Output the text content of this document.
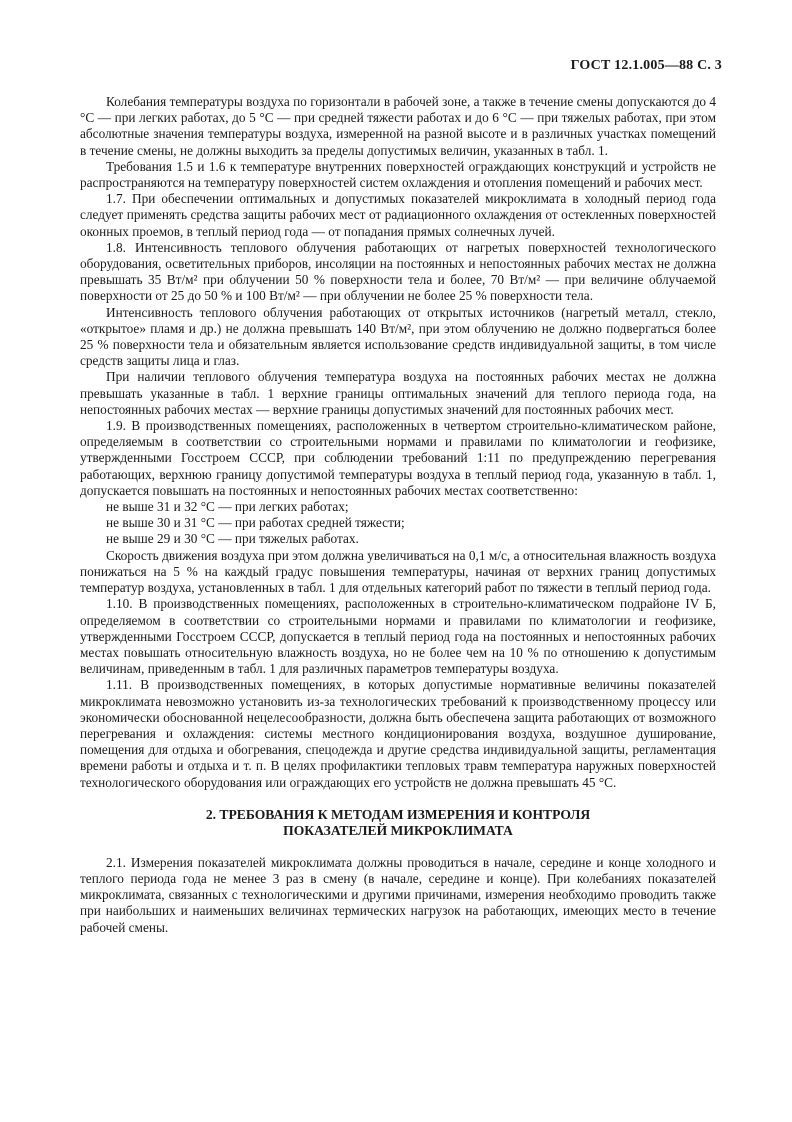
ГОСТ 12.1.005—88 С. 3

Колебания температуры воздуха по горизонтали в рабочей зоне, а также в течение смены допускаются до 4 °С — при легких работах, до 5 °С — при средней тяжести работах и до 6 °С — при тяжелых работах, при этом абсолютные значения температуры воздуха, измеренной на разной высоте и в различных участках помещений в течение смены, не должны выходить за пределы допустимых величин, указанных в табл. 1.

Требования 1.5 и 1.6 к температуре внутренних поверхностей ограждающих конструкций и устройств не распространяются на температуру поверхностей систем охлаждения и отопления помещений и рабочих мест.

1.7. При обеспечении оптимальных и допустимых показателей микроклимата в холодный период года следует применять средства защиты рабочих мест от радиационного охлаждения от остекленных поверхностей оконных проемов, в теплый период года — от попадания прямых солнечных лучей.

1.8. Интенсивность теплового облучения работающих от нагретых поверхностей технологического оборудования, осветительных приборов, инсоляции на постоянных и непостоянных рабочих местах не должна превышать 35 Вт/м² при облучении 50 % поверхности тела и более, 70 Вт/м² — при величине облучаемой поверхности от 25 до 50 % и 100 Вт/м² — при облучении не более 25 % поверхности тела.

Интенсивность теплового облучения работающих от открытых источников (нагретый металл, стекло, «открытое» пламя и др.) не должна превышать 140 Вт/м², при этом облучению не должно подвергаться более 25 % поверхности тела и обязательным является использование средств индивидуальной защиты, в том числе средств защиты лица и глаз.

При наличии теплового облучения температура воздуха на постоянных рабочих местах не должна превышать указанные в табл. 1 верхние границы оптимальных значений для теплого периода года, на непостоянных рабочих местах — верхние границы допустимых значений для постоянных рабочих мест.

1.9. В производственных помещениях, расположенных в четвертом строительно-климатическом районе, определяемым в соответствии со строительными нормами и правилами по климатологии и геофизике, утвержденными Госстроем СССР, при соблюдении требований 1:11 по предупреждению перегревания работающих, верхнюю границу допустимой температуры воздуха в теплый период года, указанную в табл. 1, допускается повышать на постоянных и непостоянных рабочих местах соответственно:

не выше 31 и 32 °С — при легких работах;

не выше 30 и 31 °С — при работах средней тяжести;

не выше 29 и 30 °С — при тяжелых работах.

Скорость движения воздуха при этом должна увеличиваться на 0,1 м/с, а относительная влажность воздуха понижаться на 5 % на каждый градус повышения температуры, начиная от верхних границ допустимых температур воздуха, установленных в табл. 1 для отдельных категорий работ по тяжести в теплый период года.

1.10. В производственных помещениях, расположенных в строительно-климатическом подрайоне IV Б, определяемом в соответствии со строительными нормами и правилами по климатологии и геофизике, утвержденными Госстроем СССР, допускается в теплый период года на постоянных и непостоянных рабочих местах повышать относительную влажность воздуха, но не более чем на 10 % по отношению к допустимым величинам, приведенным в табл. 1 для различных параметров температуры воздуха.

1.11. В производственных помещениях, в которых допустимые нормативные величины показателей микроклимата невозможно установить из-за технологических требований к производственному процессу или экономически обоснованной нецелесообразности, должна быть обеспечена защита работающих от возможного перегревания и охлаждения: системы местного кондиционирования воздуха, воздушное душирование, помещения для отдыха и обогревания, спецодежда и другие средства индивидуальной защиты, регламентация времени работы и отдыха и т. п. В целях профилактики тепловых травм температура наружных поверхностей технологического оборудования или ограждающих его устройств не должна превышать 45 °С.

2. ТРЕБОВАНИЯ К МЕТОДАМ ИЗМЕРЕНИЯ И КОНТРОЛЯ
ПОКАЗАТЕЛЕЙ МИКРОКЛИМАТА

2.1. Измерения показателей микроклимата должны проводиться в начале, середине и конце холодного и теплого периода года не менее 3 раз в смену (в начале, середине и конце). При колебаниях показателей микроклимата, связанных с технологическими и другими причинами, измерения необходимо проводить также при наибольших и наименьших величинах термических нагрузок на работающих, имеющих место в течение рабочей смены.
